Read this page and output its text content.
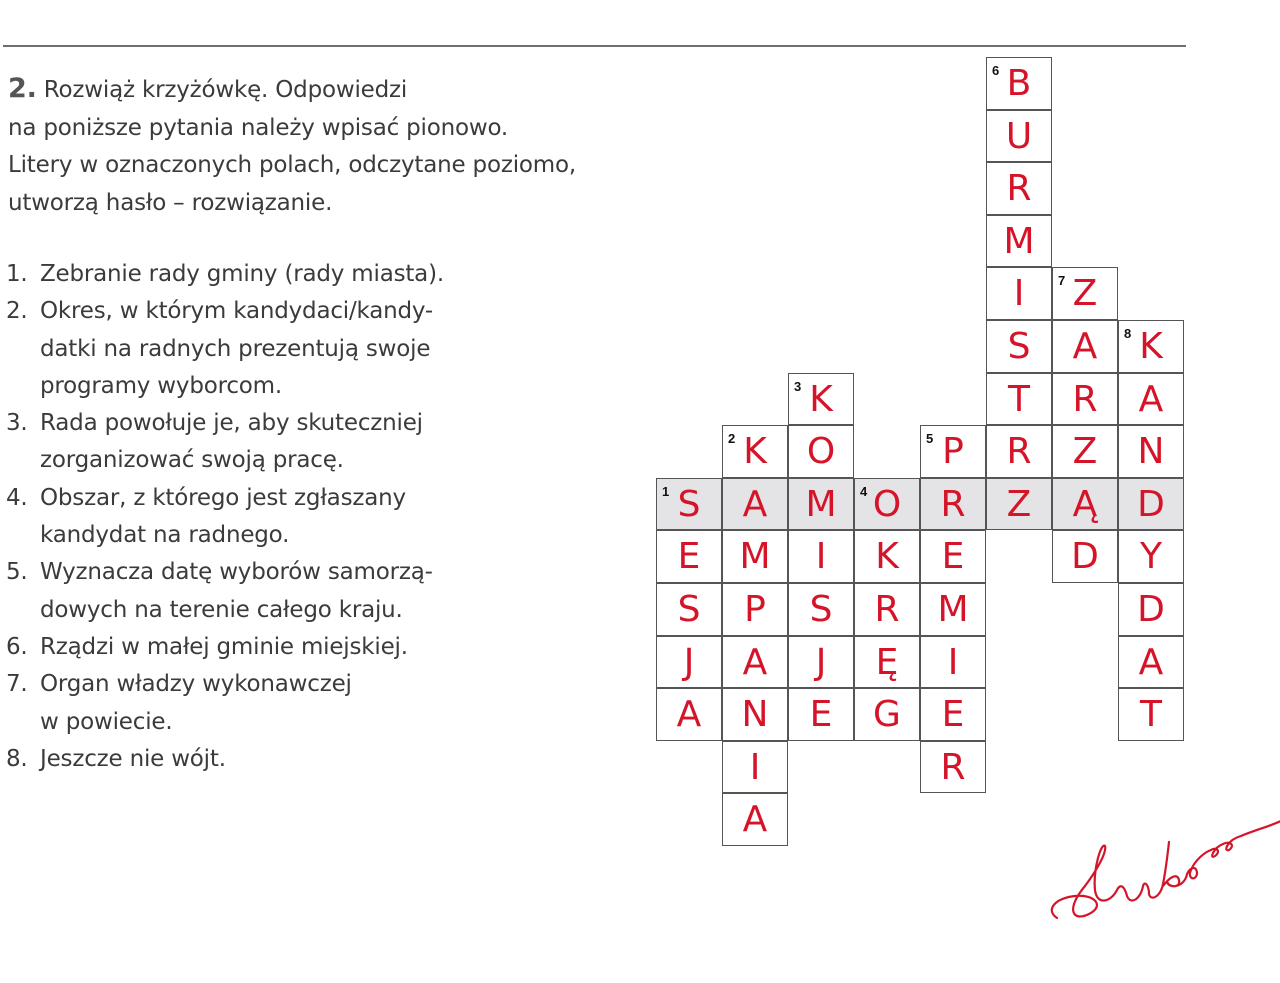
2. Rozwiąż krzyżówkę. Odpowiedzi
na poniższe pytania należy wpisać pionowo.
Litery w oznaczonych polach, odczytane poziomo,
utworzą hasło – rozwiązanie.
1. Zebranie rady gminy (rady miasta).
2. Okres, w którym kandydaci/kandy-
datki na radnych prezentują swoje
programy wyborcom.
3. Rada powołuje je, aby skuteczniej
zorganizować swoją pracę.
4. Obszar, z którego jest zgłaszany
kandydat na radnego.
5. Wyznacza datę wyborów samorzą-
dowych na terenie całego kraju.
6. Rządzi w małej gminie miejskiej.
7. Organ władzy wykonawczej
w powiecie.
8. Jeszcze nie wójt.
1 S
E
S
J
A
2 K
A
M
P
A
N
I
A
3 K
O
M
I
S
J
E
4 O
K
R
Ę
G
5 P
R
E
M
I
E
R
6 B
U
R
M
I
S
T
R
Z
7 Z
A
R
Z
Ą
D
8 K
A
N
D
Y
D
A
T
